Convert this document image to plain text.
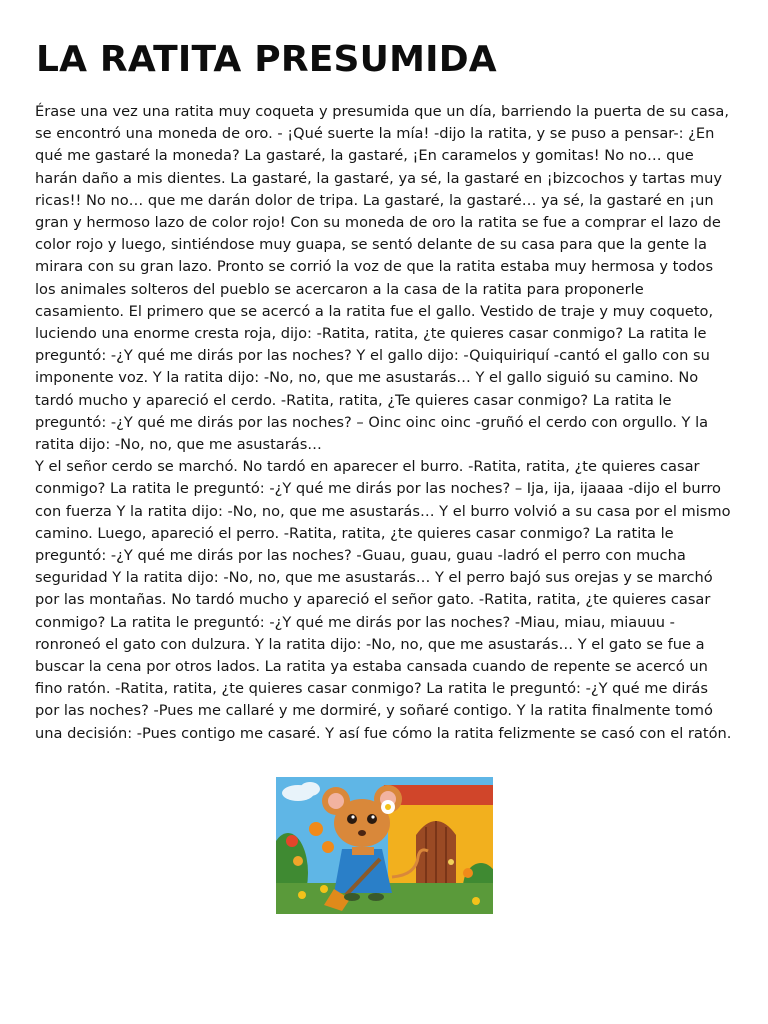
LA RATITA PRESUMIDA

Érase una vez una ratita muy coqueta y presumida que un día, barriendo la puerta de su casa, se encontró una moneda de oro. - ¡Qué suerte la mía! -dijo la ratita, y se puso a pensar-: ¿En qué me gastaré la moneda? La gastaré, la gastaré, ¡En caramelos y gomitas! No no… que harán daño a mis dientes. La gastaré, la gastaré, ya sé, la gastaré en ¡bizcochos y tartas muy ricas!! No no… que me darán dolor de tripa. La gastaré, la gastaré… ya sé, la gastaré en ¡un gran y hermoso lazo de color rojo! Con su moneda de oro la ratita se fue a comprar el lazo de color rojo y luego, sintiéndose muy guapa, se sentó delante de su casa para que la gente la mirara con su gran lazo. Pronto se corrió la voz de que la ratita estaba muy hermosa y todos los animales solteros del pueblo se acercaron a la casa de la ratita para proponerle casamiento. El primero que se acercó a la ratita fue el gallo. Vestido de traje y muy coqueto, luciendo una enorme cresta roja, dijo: -Ratita, ratita, ¿te quieres casar conmigo? La ratita le preguntó: -¿Y qué me dirás por las noches? Y el gallo dijo: -Quiquiriquí -cantó el gallo con su imponente voz. Y la ratita dijo: -No, no, que me asustarás… Y el gallo siguió su camino. No tardó mucho y apareció el cerdo. -Ratita, ratita, ¿Te quieres casar conmigo? La ratita le preguntó: -¿Y qué me dirás por las noches? – Oinc oinc oinc -gruñó el cerdo con orgullo. Y la ratita dijo: -No, no, que me asustarás…

Y el señor cerdo se marchó. No tardó en aparecer el burro. -Ratita, ratita, ¿te quieres casar conmigo? La ratita le preguntó: -¿Y qué me dirás por las noches? – Ija, ija, ijaaaa -dijo el burro con fuerza Y la ratita dijo: -No, no, que me asustarás… Y el burro volvió a su casa por el mismo camino. Luego, apareció el perro. -Ratita, ratita, ¿te quieres casar conmigo? La ratita le preguntó: -¿Y qué me dirás por las noches? -Guau, guau, guau -ladró el perro con mucha seguridad Y la ratita dijo: -No, no, que me asustarás… Y el perro bajó sus orejas y se marchó por las montañas. No tardó mucho y apareció el señor gato. -Ratita, ratita, ¿te quieres casar conmigo? La ratita le preguntó: -¿Y qué me dirás por las noches? -Miau, miau, miauuu -ronroneó el gato con dulzura. Y la ratita dijo: -No, no, que me asustarás… Y el gato se fue a buscar la cena por otros lados. La ratita ya estaba cansada cuando de repente se acercó un fino ratón. -Ratita, ratita, ¿te quieres casar conmigo? La ratita le preguntó: -¿Y qué me dirás por las noches? -Pues me callaré y me dormiré, y soñaré contigo. Y la ratita finalmente tomó una decisión: -Pues contigo me casaré. Y así fue cómo la ratita felizmente se casó con el ratón.
